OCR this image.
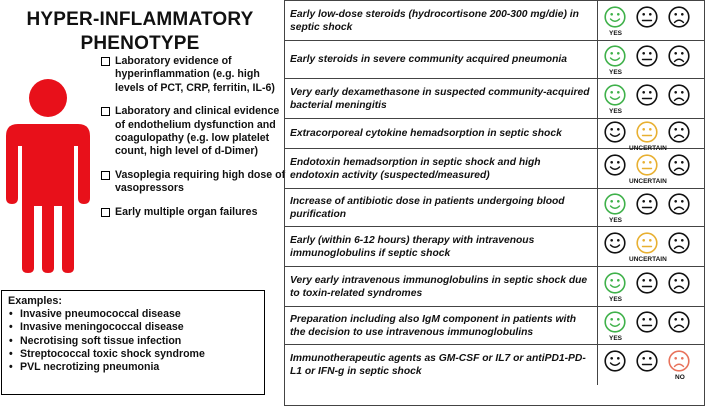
HYPER-INFLAMMATORY PHENOTYPE
Laboratory evidence of hyperinflammation (e.g. high levels of PCT, CRP, ferritin, IL-6)
Laboratory and clinical evidence of endothelium dysfunction and coagulopathy (e.g. low platelet count, high level of d-Dimer)
Vasoplegia requiring high dose of vasopressors
Early multiple organ failures
Examples:
• Invasive pneumococcal disease
• Invasive meningococcal disease
• Necrotising soft tissue infection
• Streptococcal toxic shock syndrome
• PVL necrotizing pneumonia
Early low-dose steroids (hydrocortisone 200-300 mg/die) in septic shock
YES
Early steroids in severe community acquired pneumonia
YES
Very early dexamethasone in suspected community-acquired bacterial meningitis
YES
Extracorporeal cytokine hemadsorption in septic shock
UNCERTAIN
Endotoxin hemadsorption in septic shock and high endotoxin activity (suspected/measured)
UNCERTAIN
Increase of antibiotic dose in patients undergoing blood purification
YES
Early (within 6-12 hours) therapy with intravenous immunoglobulins if septic shock
UNCERTAIN
Very early intravenous immunoglobulins in septic shock due to toxin-related syndromes
YES
Preparation including also IgM component in patients with the decision to use intravenous immunoglobulins
YES
Immunotherapeutic agents as GM-CSF or IL7 or antiPD1-PD-L1 or IFN-g in septic shock
NO
